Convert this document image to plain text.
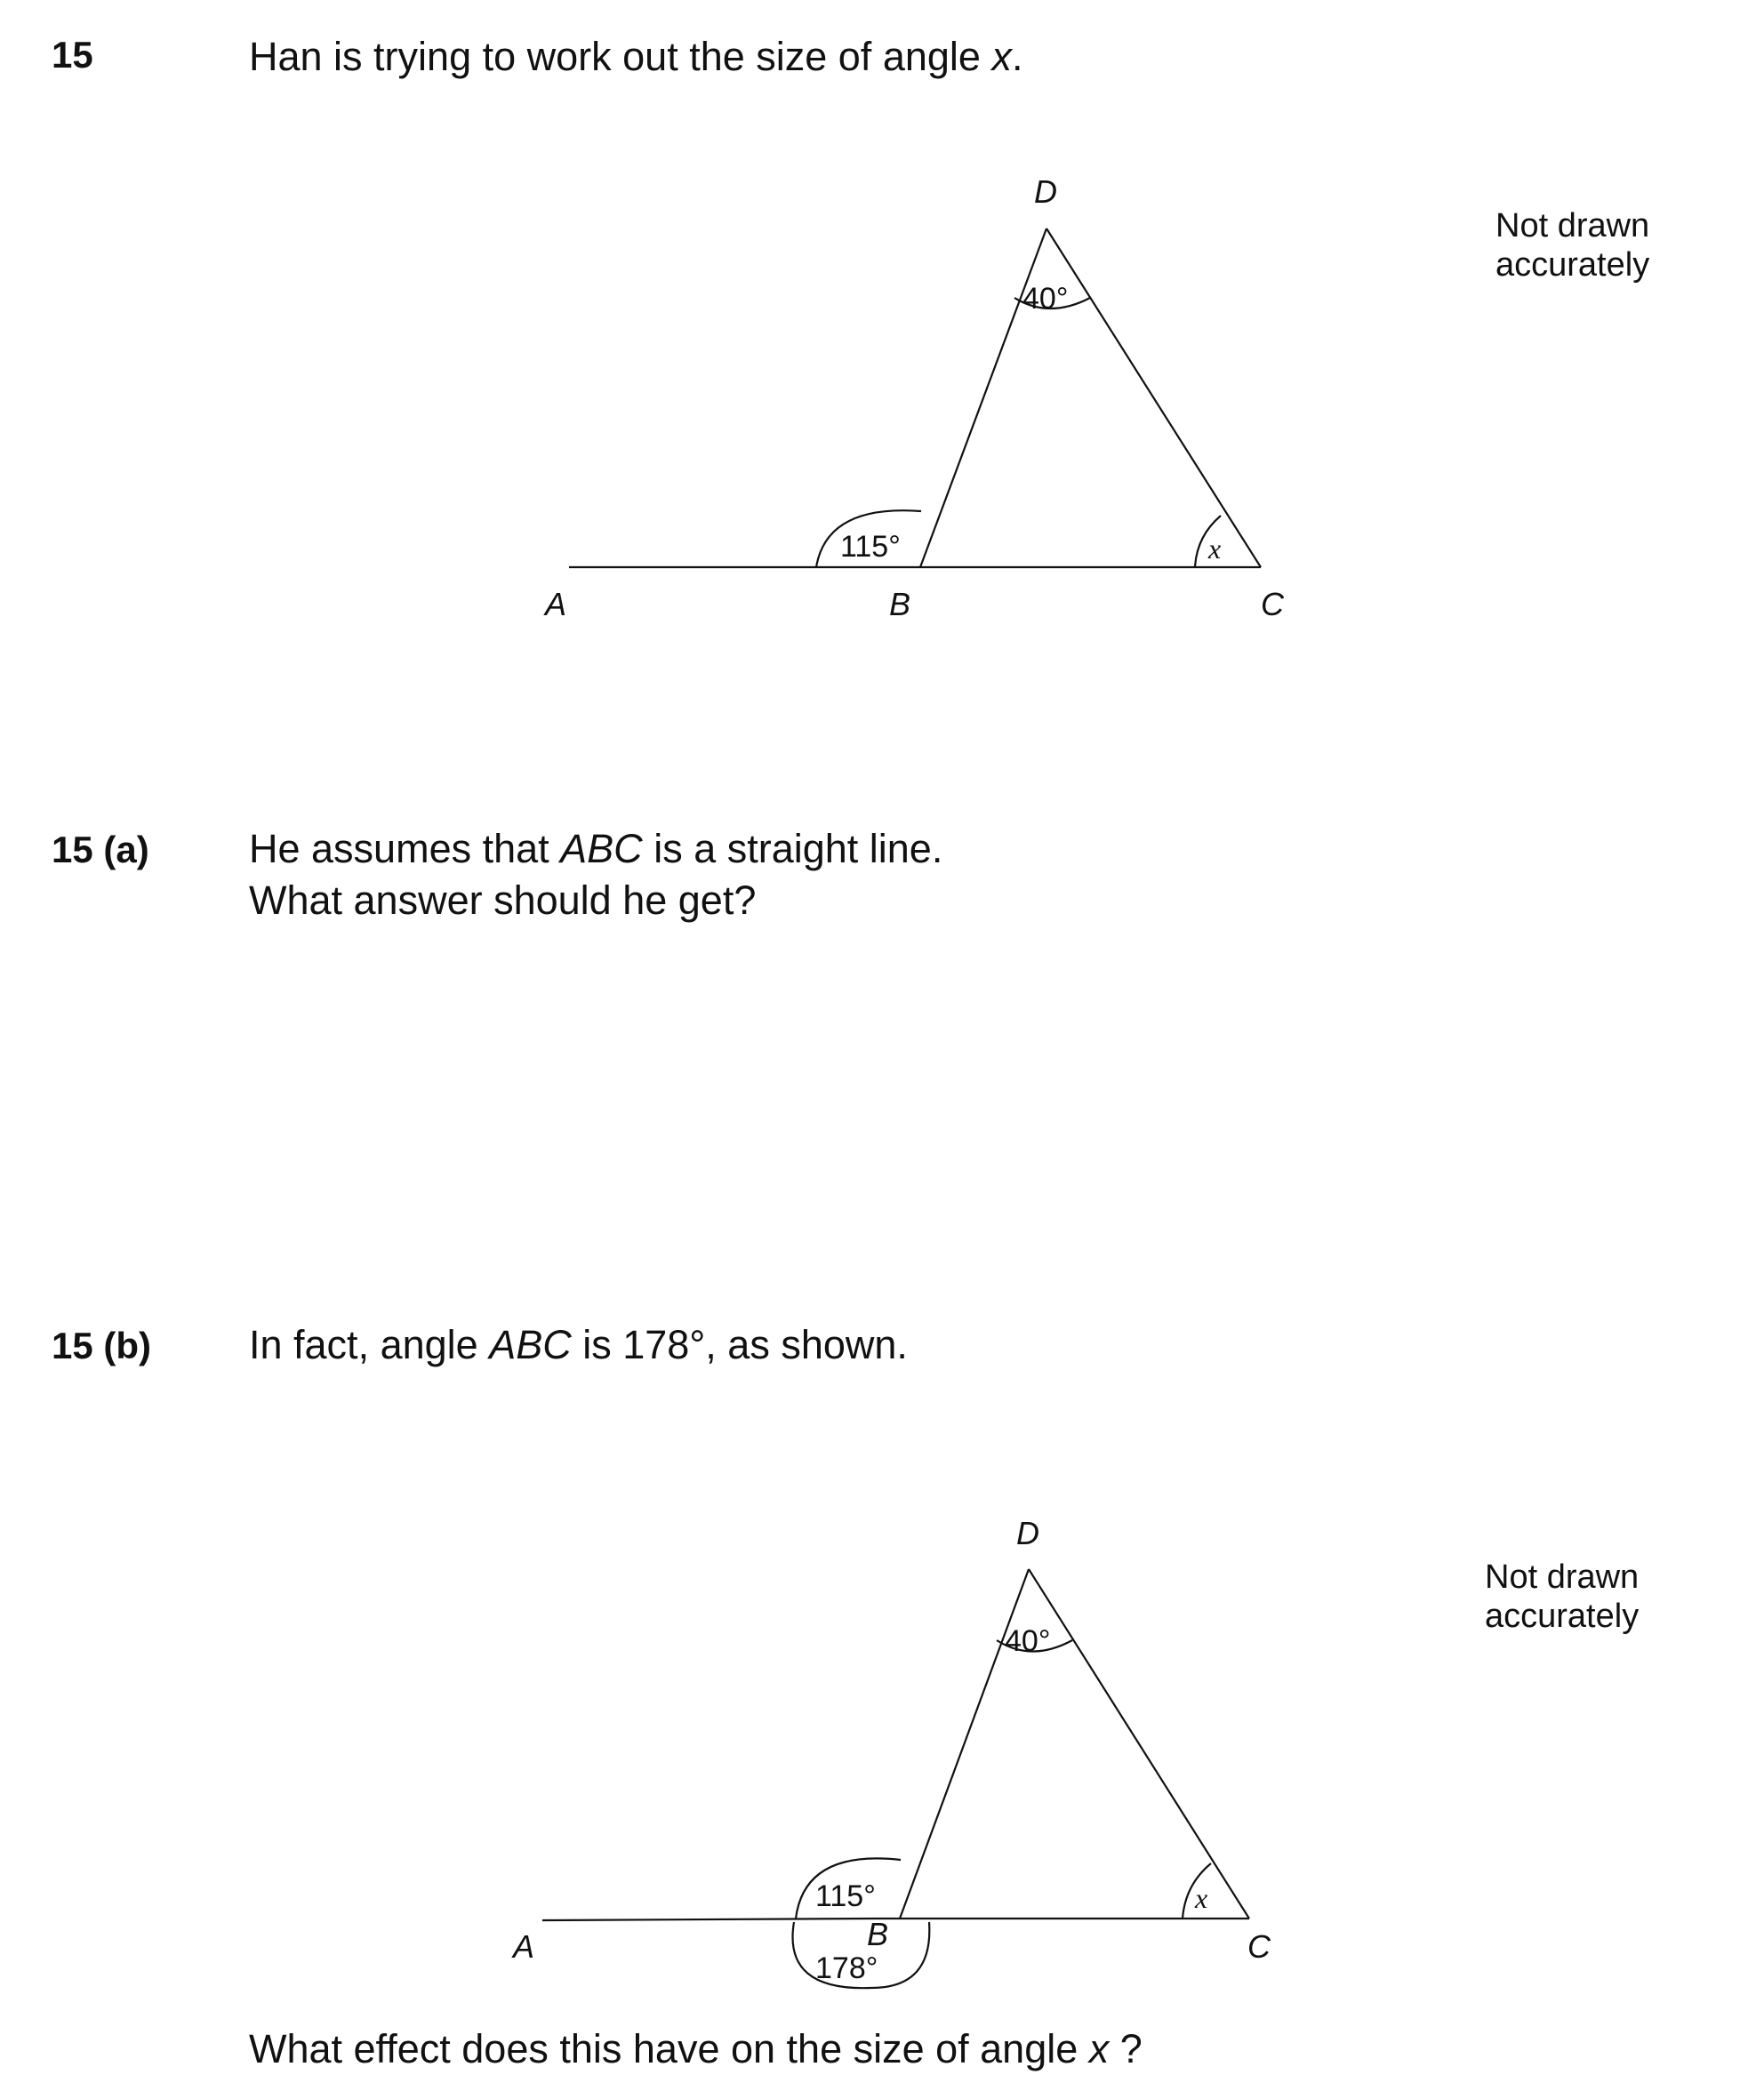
15	Han is trying to work out the size of angle x.
Not drawn
accurately
15 (a) He assumes that ABC is a straight line.
What answer should he get?
15 (b) In fact, angle ABC is 178°, as shown.
Not drawn
accurately
What effect does this have on the size of angle x ?
D
A	B	C
40°
115°	x
D
A	B	C
40°
115°
178°
x
